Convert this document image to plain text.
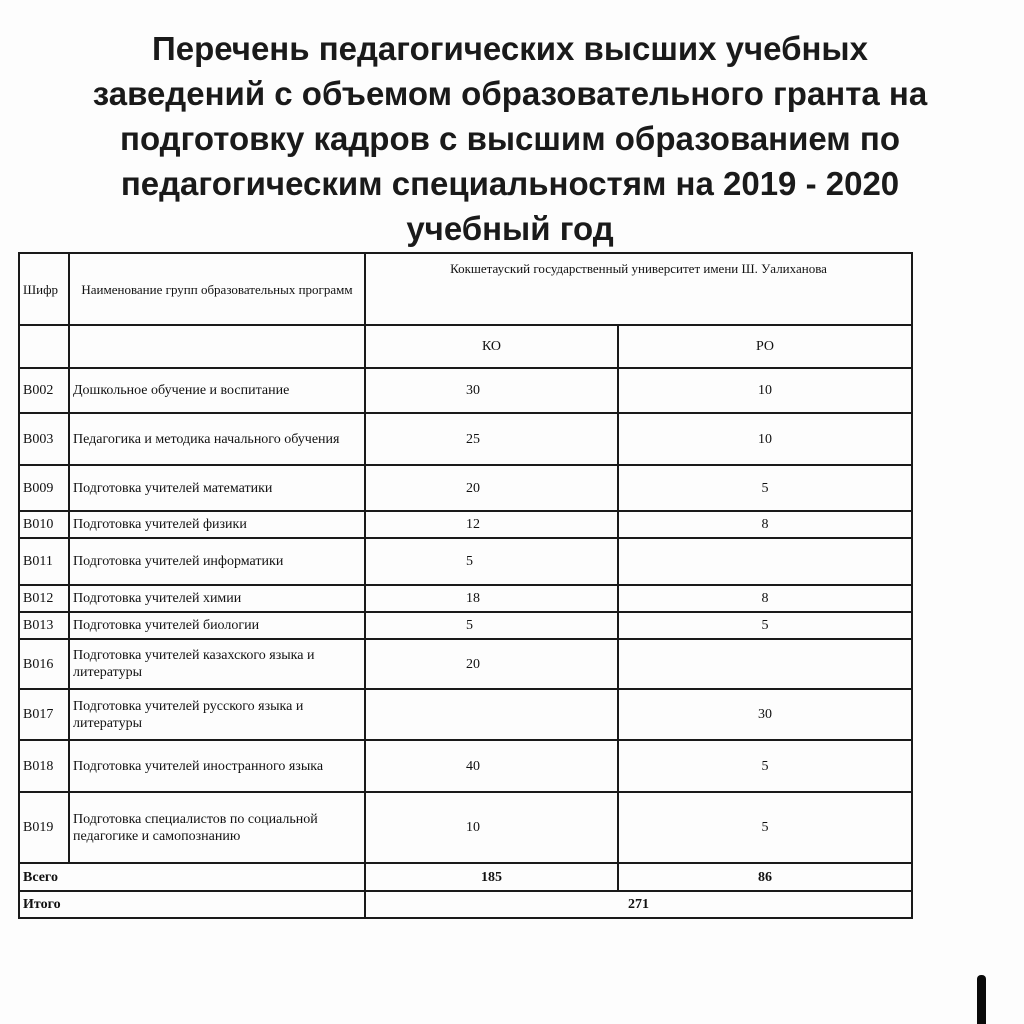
Перечень педагогических высших учебных
заведений с объемом образовательного гранта на
подготовку кадров с высшим образованием по
педагогическим специальностям на 2019 - 2020
учебный год
Шифр	Наименование групп образовательных программ	Кокшетауский государственный университет имени Ш. Уалиханова	
		КО	РО
В002	Дошкольное обучение и воспитание	30	10
В003	Педагогика и методика начального обучения	25	10
В009	Подготовка учителей математики	20	5
В010	Подготовка учителей физики	12	8
В011	Подготовка учителей информатики	5	
В012	Подготовка учителей химии	18	8
В013	Подготовка учителей биологии	5	5
В016	Подготовка учителей казахского языка и литературы	20	
В017	Подготовка учителей русского языка и литературы		30
В018	Подготовка учителей иностранного языка	40	5
В019	Подготовка специалистов по социальной педагогике и самопознанию	10	5
Всего		185	86
Итого		271	
